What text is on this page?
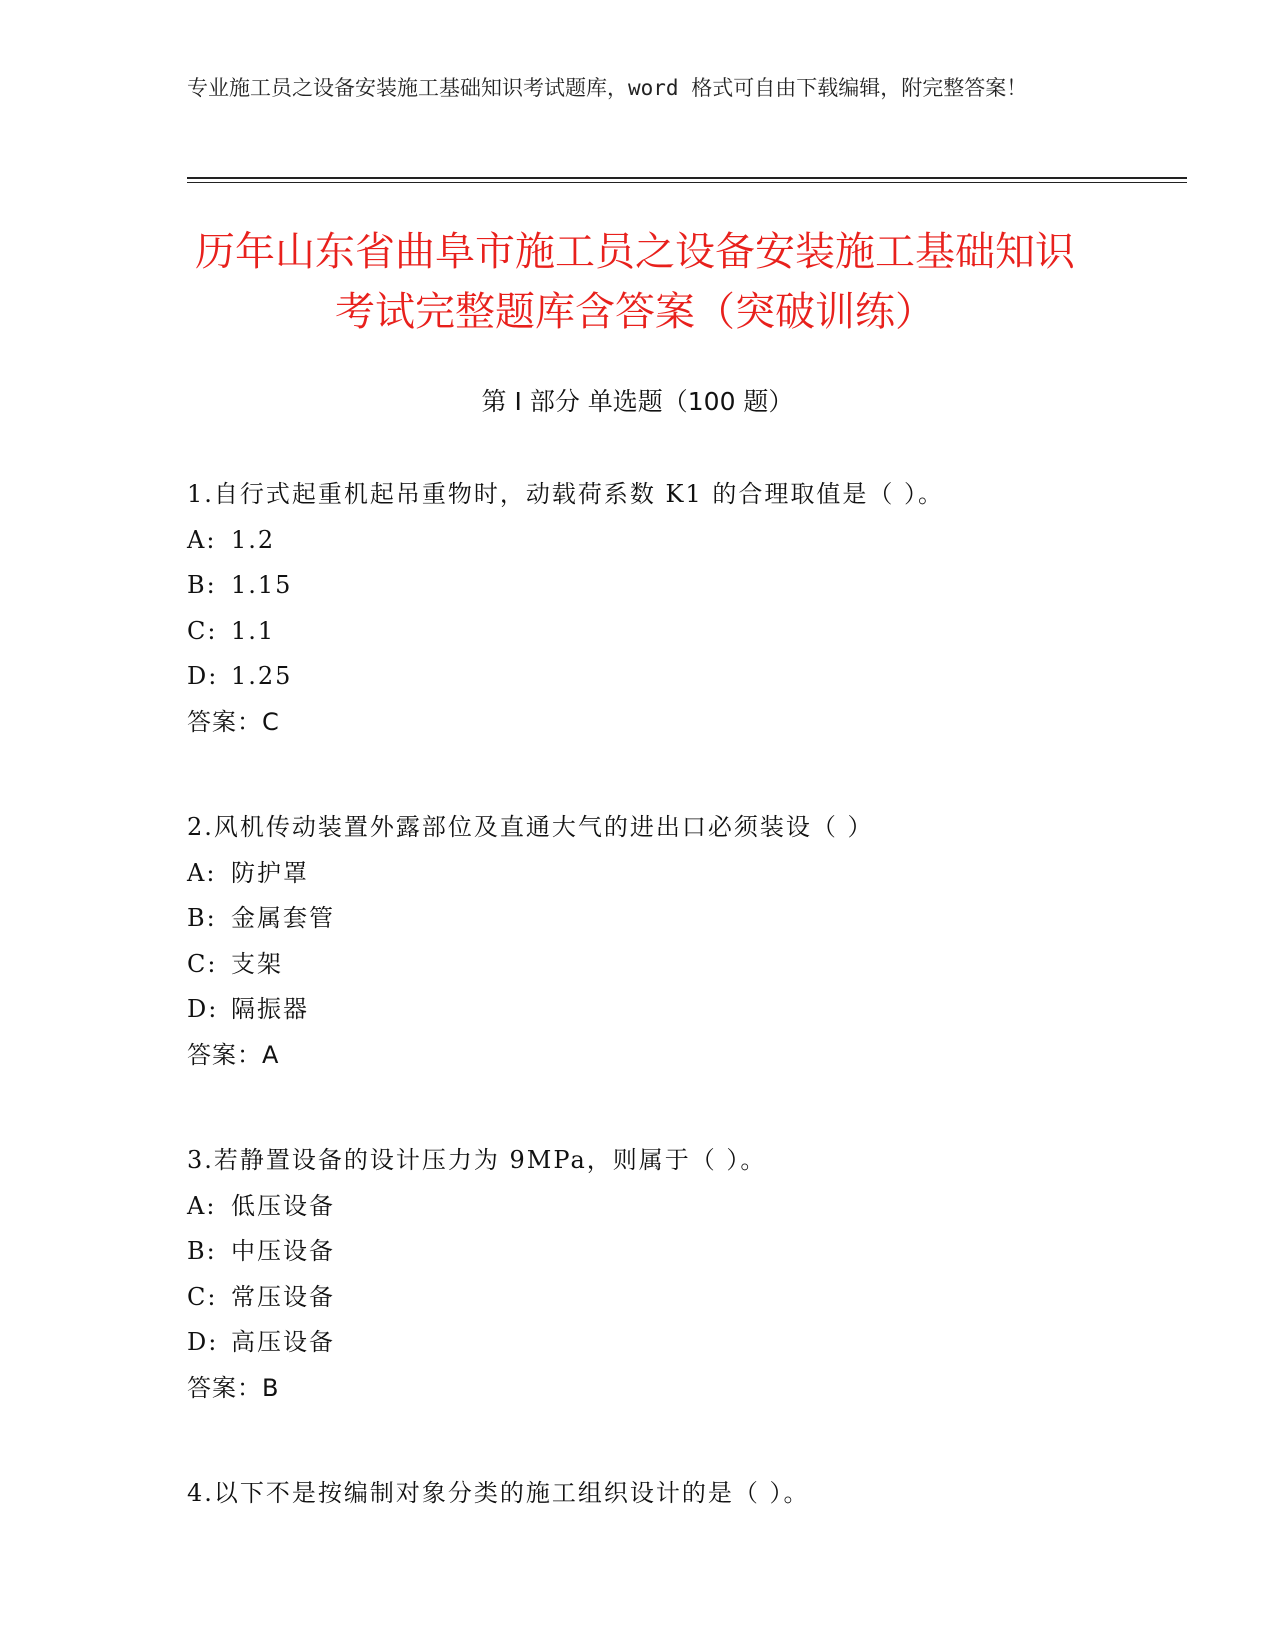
专业施工员之设备安装施工基础知识考试题库，word 格式可自由下载编辑，附完整答案！
历年山东省曲阜市施工员之设备安装施工基础知识考试完整题库含答案（突破训练）
第 I 部分 单选题（100 题）
1.自行式起重机起吊重物时，动载荷系数 K1 的合理取值是（ ）。
A: 1.2
B: 1.15
C: 1.1
D: 1.25
答案：C
2.风机传动装置外露部位及直通大气的进出口必须装设（ ）
A: 防护罩
B: 金属套管
C: 支架
D: 隔振器
答案：A
3.若静置设备的设计压力为 9MPa，则属于（ ）。
A: 低压设备
B: 中压设备
C: 常压设备
D: 高压设备
答案：B
4.以下不是按编制对象分类的施工组织设计的是（ ）。
